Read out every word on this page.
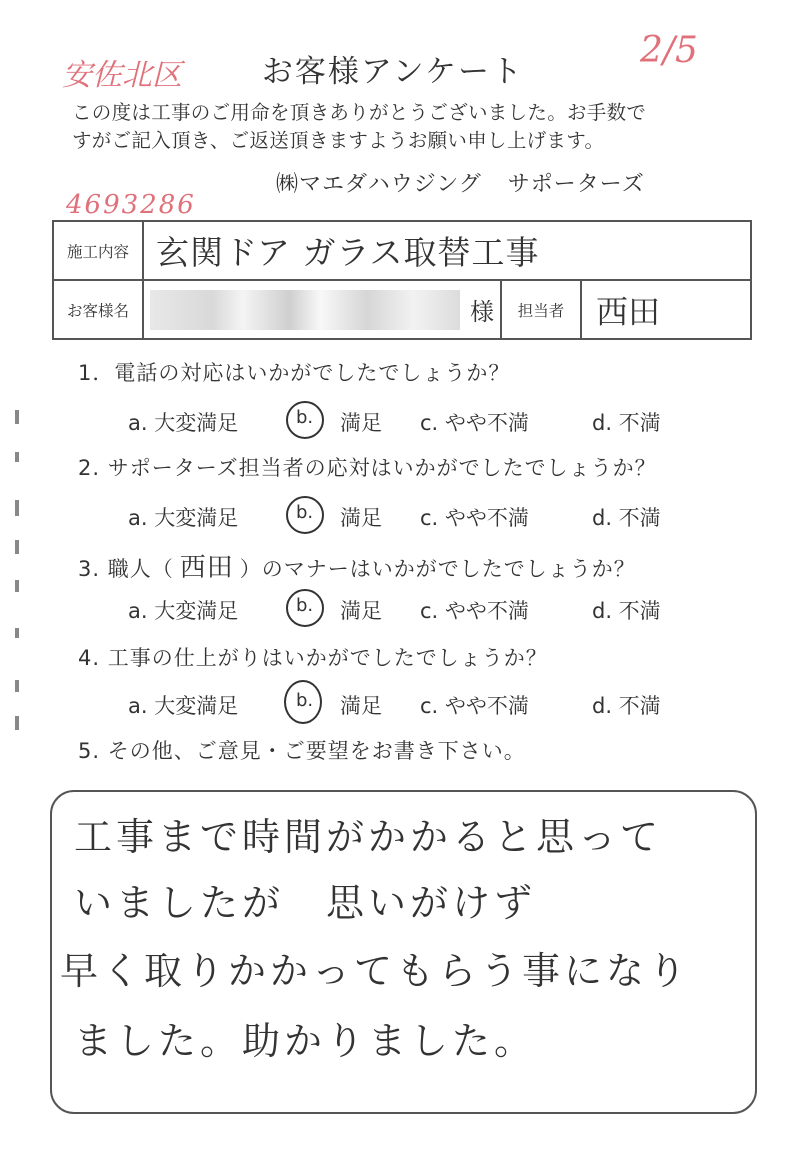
安佐北区
2/5
4693286
お客様アンケート
この度は工事のご用命を頂きありがとうございました。お手数で
すがご記入頂き、ご返送頂きますようお願い申し上げます。
㈱マエダハウジング サポーターズ
施工内容	玄関ドア ガラス取替工事			
お客様名		様	担当者	西田
1．電話の対応はいかがでしたでしょうか？
a. 大変満足	b. 満足 c. やや不満	d. 不満
2. サポーターズ担当者の応対はいかがでしたでしょうか？
a. 大変満足	b. 満足 c. やや不満	d. 不満
3. 職人（ 西田 ）のマナーはいかがでしたでしょうか？
a. 大変満足	b. 満足 c. やや不満	d. 不満
4. 工事の仕上がりはいかがでしたでしょうか？
a. 大変満足	b. 満足 c. やや不満	d. 不満
5. その他、ご意見・ご要望をお書き下さい。
工事まで時間がかかると思って
いましたが　思いがけず
早く取りかかってもらう事になり
ました。助かりました。
